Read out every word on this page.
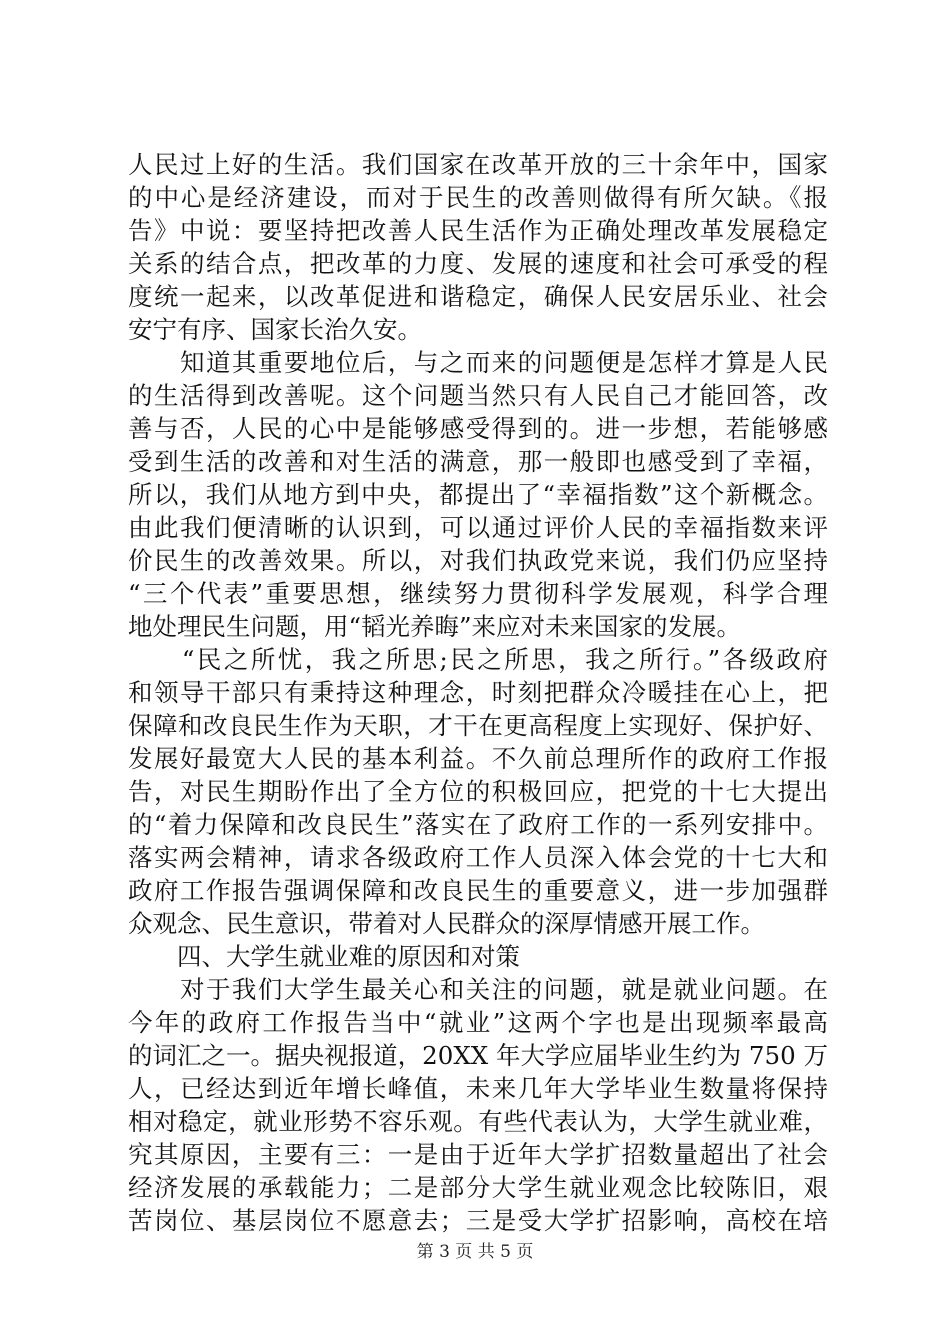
人民过上好的生活。我们国家在改革开放的三十余年中，国家
的中心是经济建设，而对于民生的改善则做得有所欠缺。《报
告》中说：要坚持把改善人民生活作为正确处理改革发展稳定
关系的结合点，把改革的力度、发展的速度和社会可承受的程
度统一起来，以改革促进和谐稳定，确保人民安居乐业、社会
安宁有序、国家长治久安。
　　知道其重要地位后，与之而来的问题便是怎样才算是人民
的生活得到改善呢。这个问题当然只有人民自己才能回答，改
善与否，人民的心中是能够感受得到的。进一步想，若能够感
受到生活的改善和对生活的满意，那一般即也感受到了幸福，
所以，我们从地方到中央，都提出了“幸福指数”这个新概念。
由此我们便清晰的认识到，可以通过评价人民的幸福指数来评
价民生的改善效果。所以，对我们执政党来说，我们仍应坚持
“三个代表”重要思想，继续努力贯彻科学发展观，科学合理
地处理民生问题，用“韬光养晦”来应对未来国家的发展。
　　“民之所忧，我之所思;民之所思，我之所行。”各级政府
和领导干部只有秉持这种理念，时刻把群众冷暖挂在心上，把
保障和改良民生作为天职，才干在更高程度上实现好、保护好、
发展好最宽大人民的基本利益。不久前总理所作的政府工作报
告，对民生期盼作出了全方位的积极回应，把党的十七大提出
的“着力保障和改良民生”落实在了政府工作的一系列安排中。
落实两会精神，请求各级政府工作人员深入体会党的十七大和
政府工作报告强调保障和改良民生的重要意义，进一步加强群
众观念、民生意识，带着对人民群众的深厚情感开展工作。
　　四、大学生就业难的原因和对策
　　对于我们大学生最关心和关注的问题，就是就业问题。在
今年的政府工作报告当中“就业”这两个字也是出现频率最高
的词汇之一。据央视报道，20XX 年大学应届毕业生约为 750 万
人，已经达到近年增长峰值，未来几年大学毕业生数量将保持
相对稳定，就业形势不容乐观。有些代表认为，大学生就业难，
究其原因，主要有三：一是由于近年大学扩招数量超出了社会
经济发展的承载能力；二是部分大学生就业观念比较陈旧，艰
苦岗位、基层岗位不愿意去；三是受大学扩招影响，高校在培
第 3 页 共 5 页
